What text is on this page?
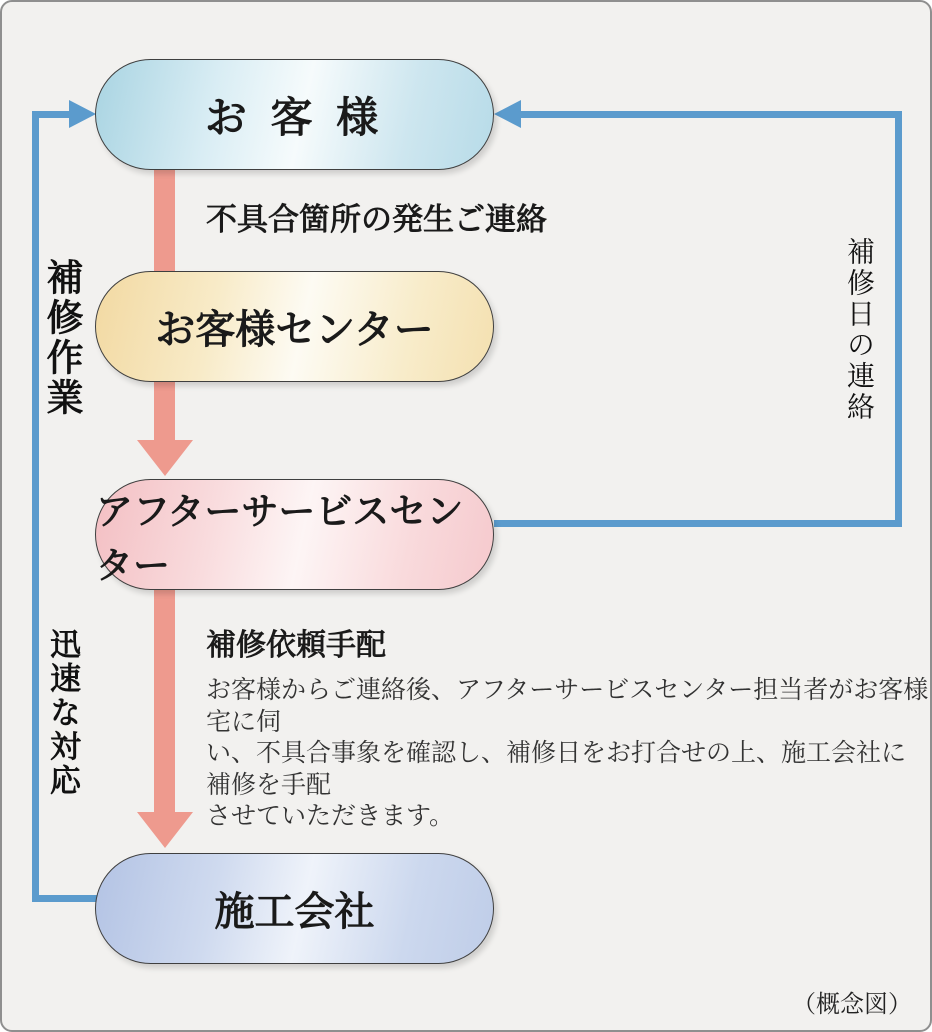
お 客 様
お客様センター
アフターサービスセンター
施工会社
不具合箇所の発生ご連絡
補修依頼手配
補修作業
迅速な対応
補修日の連絡
お客様からご連絡後、アフターサービスセンター担当者がお客様宅に伺
い、不具合事象を確認し、補修日をお打合せの上、施工会社に補修を手配
させていただきます。
（概念図）
